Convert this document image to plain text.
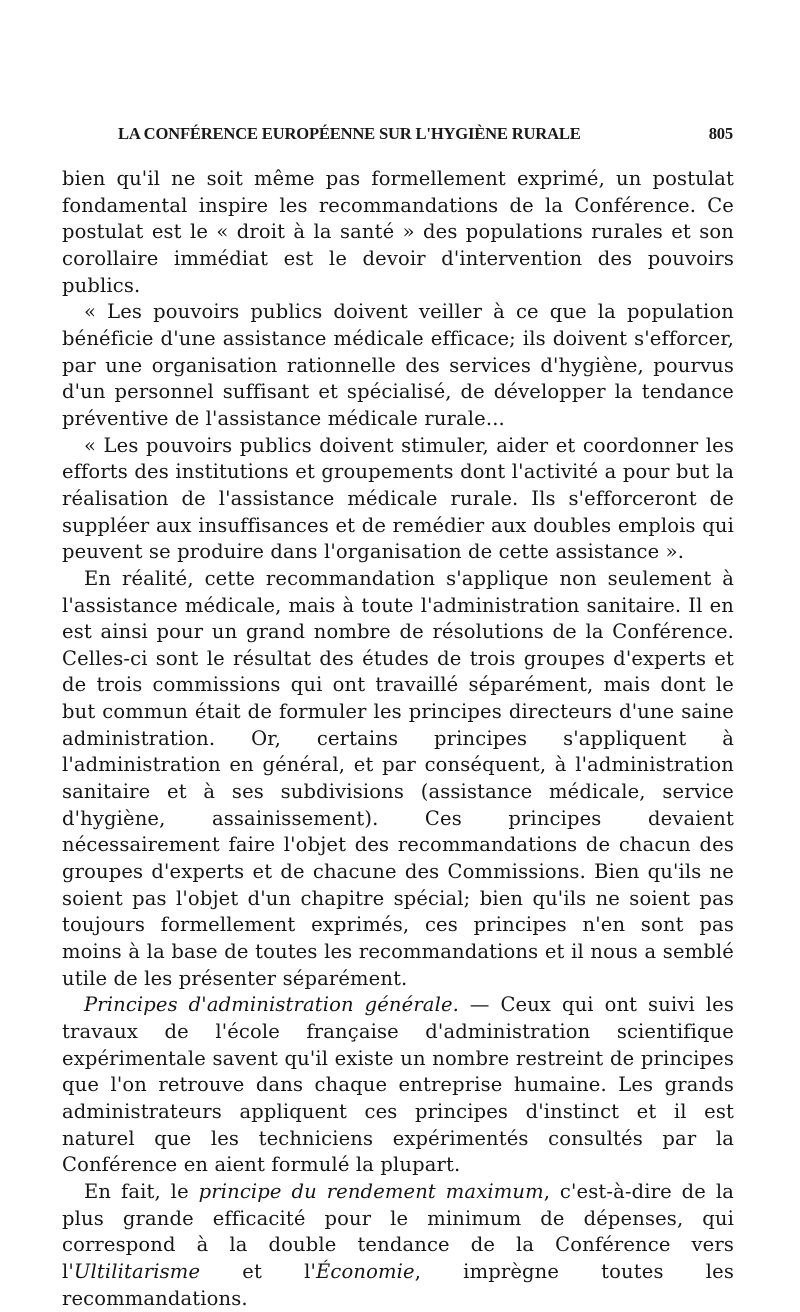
LA CONFÉRENCE EUROPÉENNE SUR L'HYGIÈNE RURALE	805

bien qu'il ne soit même pas formellement exprimé, un postulat fondamental inspire les recommandations de la Conférence. Ce postulat est le « droit à la santé » des populations rurales et son corollaire immédiat est le devoir d'intervention des pouvoirs publics.

« Les pouvoirs publics doivent veiller à ce que la population bénéficie d'une assistance médicale efficace; ils doivent s'efforcer, par une organisation rationnelle des services d'hygiène, pourvus d'un personnel suffisant et spécialisé, de développer la tendance préventive de l'assistance médicale rurale...

« Les pouvoirs publics doivent stimuler, aider et coordonner les efforts des institutions et groupements dont l'activité a pour but la réalisation de l'assistance médicale rurale. Ils s'efforceront de suppléer aux insuffisances et de remédier aux doubles emplois qui peuvent se produire dans l'organisation de cette assistance ».

En réalité, cette recommandation s'applique non seulement à l'assistance médicale, mais à toute l'administration sanitaire. Il en est ainsi pour un grand nombre de résolutions de la Conférence. Celles-ci sont le résultat des études de trois groupes d'experts et de trois commissions qui ont travaillé séparément, mais dont le but commun était de formuler les principes directeurs d'une saine administration. Or, certains principes s'appliquent à l'administration en général, et par conséquent, à l'administration sanitaire et à ses subdivisions (assistance médicale, service d'hygiène, assainissement). Ces principes devaient nécessairement faire l'objet des recommandations de chacun des groupes d'experts et de chacune des Commissions. Bien qu'ils ne soient pas l'objet d'un chapitre spécial; bien qu'ils ne soient pas toujours formellement exprimés, ces principes n'en sont pas moins à la base de toutes les recommandations et il nous a semblé utile de les présenter séparément.

Principes d'administration générale. — Ceux qui ont suivi les travaux de l'école française d'administration scientifique expérimentale savent qu'il existe un nombre restreint de principes que l'on retrouve dans chaque entreprise humaine. Les grands administrateurs appliquent ces principes d'instinct et il est naturel que les techniciens expérimentés consultés par la Conférence en aient formulé la plupart.

En fait, le principe du rendement maximum, c'est-à-dire de la plus grande efficacité pour le minimum de dépenses, qui correspond à la double tendance de la Conférence vers l'Ultilitarisme et l'Économie, imprègne toutes les recommandations.
